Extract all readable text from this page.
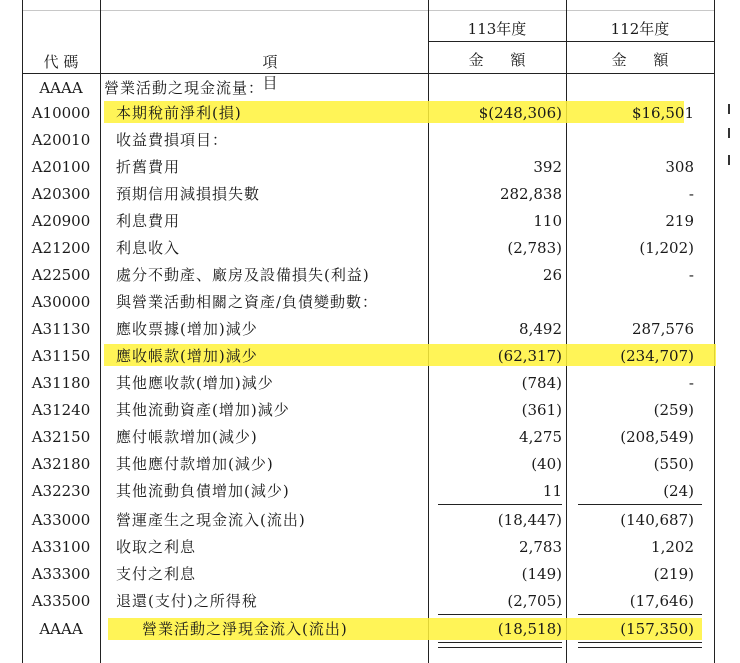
代 碼	項 目
113年度	112年度
金 額	金 額
AAAA	營業活動之現金流量：
A10000	本期稅前淨利(損)	$(248,306)	$16,501
A20010	收益費損項目：
A20100	折舊費用	392	308
A20300	預期信用減損損失數	282,838	-
A20900	利息費用	110	219
A21200	利息收入	(2,783)	(1,202)
A22500	處分不動產、廠房及設備損失(利益)	26	-
A30000	與營業活動相關之資產/負債變動數：
A31130	應收票據(增加)減少	8,492	287,576
A31150	應收帳款(增加)減少	(62,317)	(234,707)
A31180	其他應收款(增加)減少	(784)	-
A31240	其他流動資產(增加)減少	(361)	(259)
A32150	應付帳款增加(減少)	4,275	(208,549)
A32180	其他應付款增加(減少)	(40)	(550)
A32230	其他流動負債增加(減少)	11	(24)
A33000	營運產生之現金流入(流出)	(18,447)	(140,687)
A33100	收取之利息	2,783	1,202
A33300	支付之利息	(149)	(219)
A33500	退還(支付)之所得稅	(2,705)	(17,646)
AAAA	營業活動之淨現金流入(流出)	(18,518)	(157,350)
